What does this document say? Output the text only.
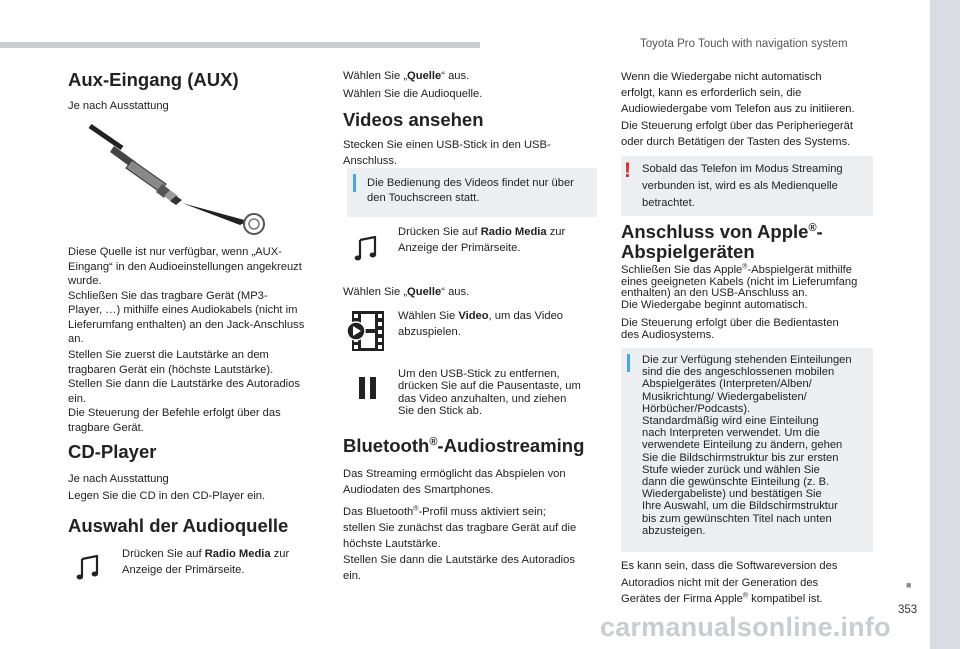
Toyota Pro Touch with navigation system
■
353
carmanualsonline.info
Aux-Eingang (AUX)
Je nach Ausstattung
Diese Quelle ist nur verfügbar, wenn „AUX-
Eingang“ in den Audioeinstellungen angekreuzt
wurde.
Schließen Sie das tragbare Gerät (MP3-
Player, …) mithilfe eines Audiokabels (nicht im
Lieferumfang enthalten) an den Jack-Anschluss
an.
Stellen Sie zuerst die Lautstärke an dem
tragbaren Gerät ein (höchste Lautstärke).
Stellen Sie dann die Lautstärke des Autoradios
ein.
Die Steuerung der Befehle erfolgt über das
tragbare Gerät.
CD-Player
Je nach Ausstattung
Legen Sie die CD in den CD-Player ein.
Auswahl der Audioquelle
Drücken Sie auf Radio Media zur
Anzeige der Primärseite.
Wählen Sie „Quelle“ aus.
Wählen Sie die Audioquelle.
Videos ansehen
Stecken Sie einen USB-Stick in den USB-
Anschluss.
Die Bedienung des Videos findet nur über
den Touchscreen statt.
Drücken Sie auf Radio Media zur
Anzeige der Primärseite.
Wählen Sie „Quelle“ aus.
Wählen Sie Video, um das Video
abzuspielen.
Um den USB-Stick zu entfernen,
drücken Sie auf die Pausentaste, um
das Video anzuhalten, und ziehen
Sie den Stick ab.
Bluetooth®-Audiostreaming
Das Streaming ermöglicht das Abspielen von
Audiodaten des Smartphones.
Das Bluetooth®-Profil muss aktiviert sein;
stellen Sie zunächst das tragbare Gerät auf die
höchste Lautstärke.
Stellen Sie dann die Lautstärke des Autoradios
ein.
Wenn die Wiedergabe nicht automatisch
erfolgt, kann es erforderlich sein, die
Audiowiedergabe vom Telefon aus zu initiieren.
Die Steuerung erfolgt über das Peripheriegerät
oder durch Betätigen der Tasten des Systems.
! Sobald das Telefon im Modus Streaming
verbunden ist, wird es als Medienquelle
betrachtet.
Anschluss von Apple®-
Abspielgeräten
Schließen Sie das Apple®-Abspielgerät mithilfe
eines geeigneten Kabels (nicht im Lieferumfang
enthalten) an den USB-Anschluss an.
Die Wiedergabe beginnt automatisch.
Die Steuerung erfolgt über die Bedientasten
des Audiosystems.
Die zur Verfügung stehenden Einteilungen
sind die des angeschlossenen mobilen
Abspielgerätes (Interpreten/Alben/
Musikrichtung/ Wiedergabelisten/
Hörbücher/Podcasts).
Standardmäßig wird eine Einteilung
nach Interpreten verwendet. Um die
verwendete Einteilung zu ändern, gehen
Sie die Bildschirmstruktur bis zur ersten
Stufe wieder zurück und wählen Sie
dann die gewünschte Einteilung (z. B.
Wiedergabeliste) und bestätigen Sie
Ihre Auswahl, um die Bildschirmstruktur
bis zum gewünschten Titel nach unten
abzusteigen.
Es kann sein, dass die Softwareversion des
Autoradios nicht mit der Generation des
Gerätes der Firma Apple® kompatibel ist.
